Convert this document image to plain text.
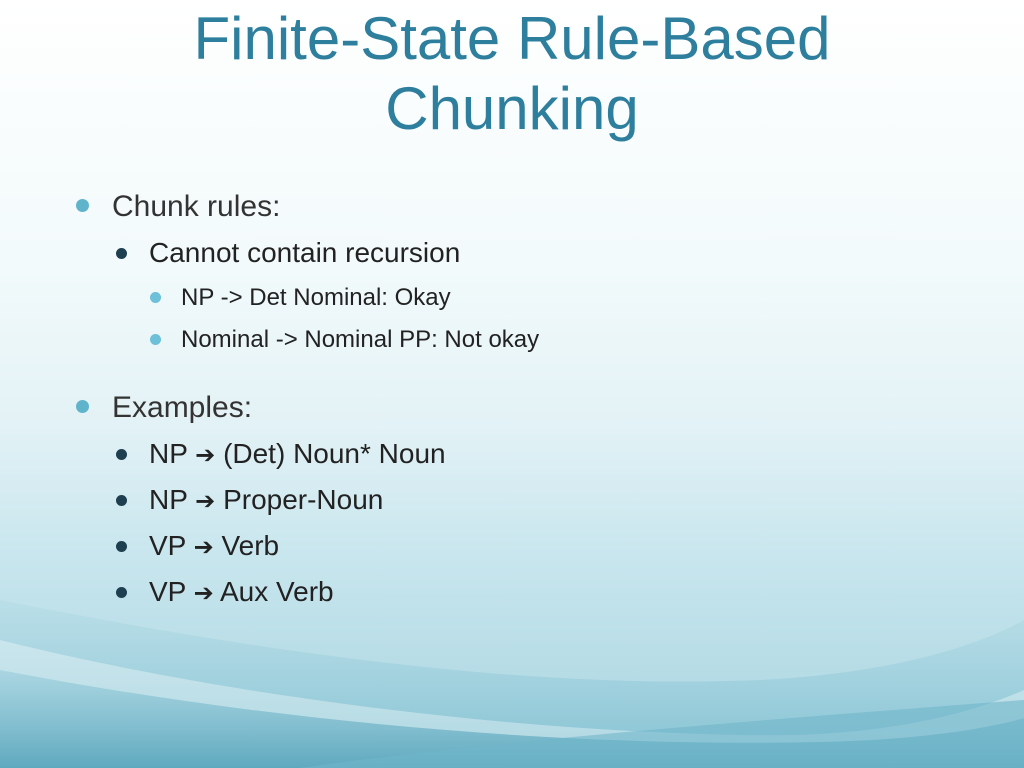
Finite-State Rule-Based
Chunking
Chunk rules:
Cannot contain recursion
NP -> Det Nominal: Okay
Nominal -> Nominal PP: Not okay
Examples:
NP ➔ (Det) Noun* Noun
NP ➔ Proper-Noun
VP ➔ Verb
VP ➔ Aux Verb
